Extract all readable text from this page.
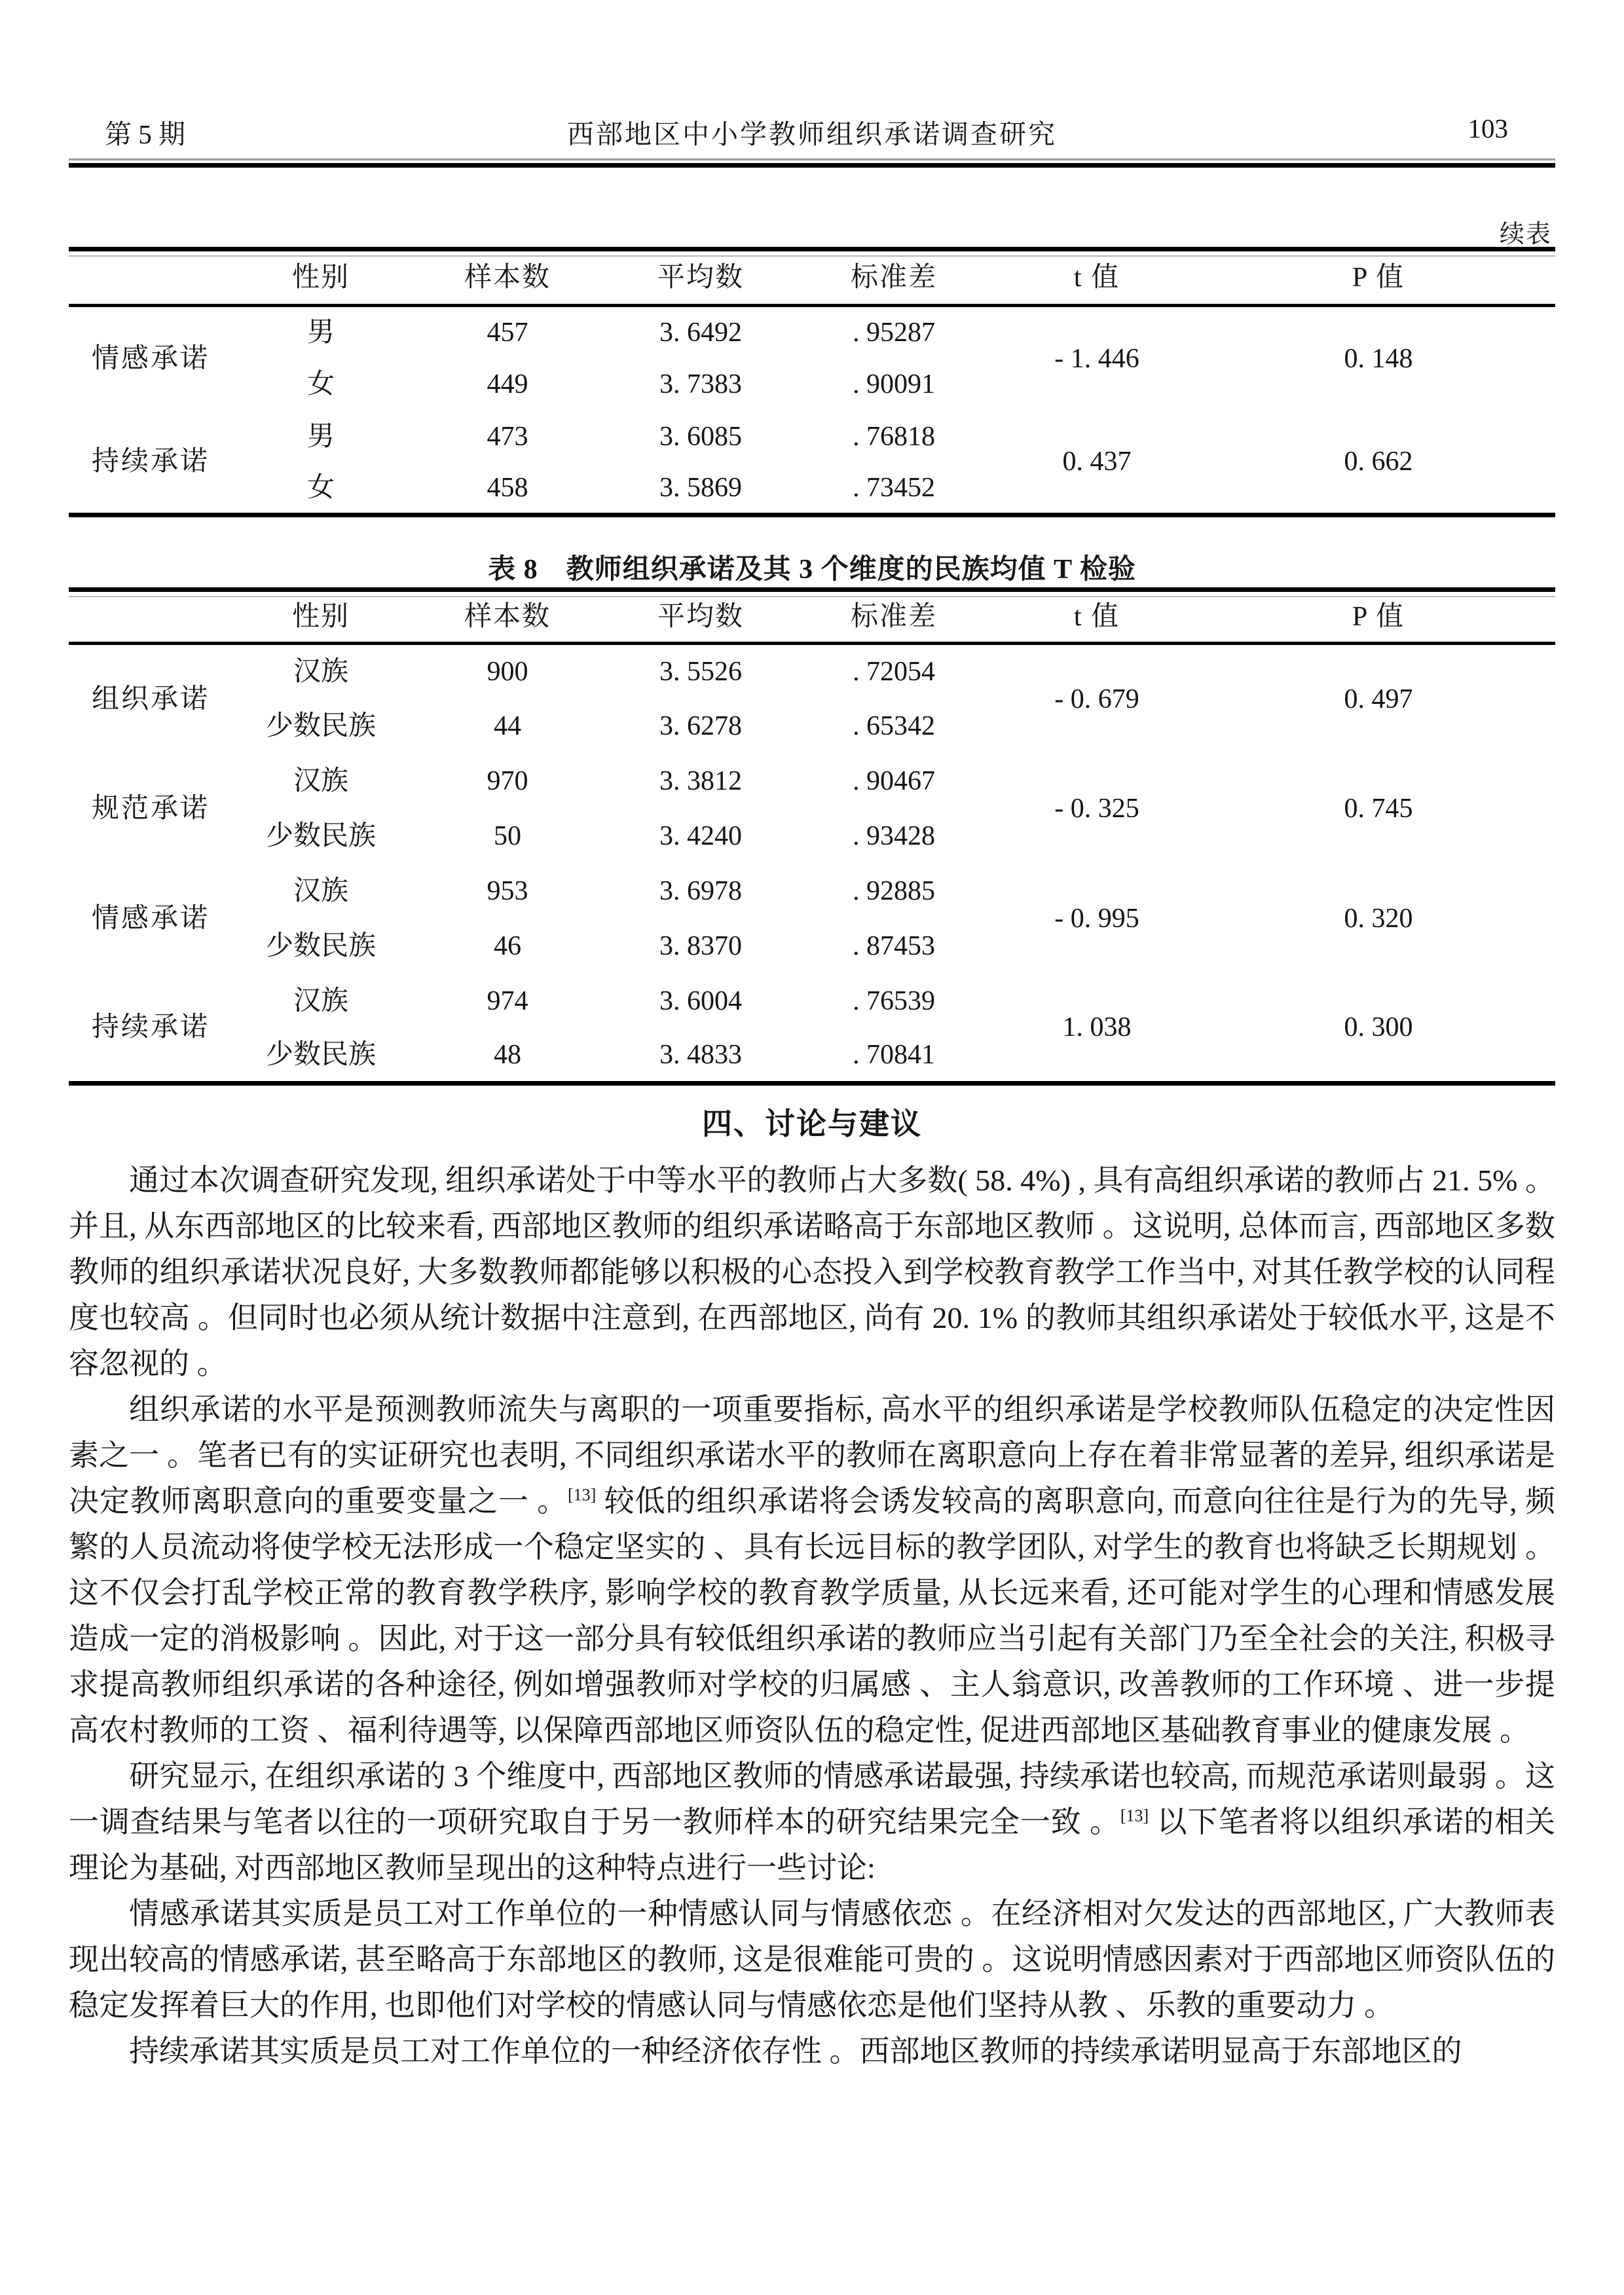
第 5 期	西部地区中小学教师组织承诺调查研究	103
续表
	性别	样本数	平均数	标准差	t 值	P 值
情感承诺	男	457	3. 6492	. 95287	- 1. 446	0. 148
	女	449	3. 7383	. 90091		
持续承诺	男	473	3. 6085	. 76818	0. 437	0. 662
	女	458	3. 5869	. 73452		
表 8　教师组织承诺及其 3 个维度的民族均值 T 检验
	性别	样本数	平均数	标准差	t 值	P 值
组织承诺	汉族	900	3. 5526	. 72054	- 0. 679	0. 497
	少数民族	44	3. 6278	. 65342		
规范承诺	汉族	970	3. 3812	. 90467	- 0. 325	0. 745
	少数民族	50	3. 4240	. 93428		
情感承诺	汉族	953	3. 6978	. 92885	- 0. 995	0. 320
	少数民族	46	3. 8370	. 87453		
持续承诺	汉族	974	3. 6004	. 76539	1. 038	0. 300
	少数民族	48	3. 4833	. 70841		
四、讨论与建议

通过本次调查研究发现, 组织承诺处于中等水平的教师占大多数( 58. 4%) , 具有高组织承诺的教师占 21. 5% 。并且, 从东西部地区的比较来看, 西部地区教师的组织承诺略高于东部地区教师 。这说明, 总体而言, 西部地区多数教师的组织承诺状况良好, 大多数教师都能够以积极的心态投入到学校教育教学工作当中, 对其任教学校的认同程度也较高 。但同时也必须从统计数据中注意到, 在西部地区, 尚有 20. 1% 的教师其组织承诺处于较低水平, 这是不容忽视的 。

组织承诺的水平是预测教师流失与离职的一项重要指标, 高水平的组织承诺是学校教师队伍稳定的决定性因素之一 。笔者已有的实证研究也表明, 不同组织承诺水平的教师在离职意向上存在着非常显著的差异, 组织承诺是决定教师离职意向的重要变量之一 。[13] 较低的组织承诺将会诱发较高的离职意向, 而意向往往是行为的先导, 频繁的人员流动将使学校无法形成一个稳定坚实的 、具有长远目标的教学团队, 对学生的教育也将缺乏长期规划 。这不仅会打乱学校正常的教育教学秩序, 影响学校的教育教学质量, 从长远来看, 还可能对学生的心理和情感发展造成一定的消极影响 。因此, 对于这一部分具有较低组织承诺的教师应当引起有关部门乃至全社会的关注, 积极寻求提高教师组织承诺的各种途径, 例如增强教师对学校的归属感 、主人翁意识, 改善教师的工作环境 、进一步提高农村教师的工资 、福利待遇等, 以保障西部地区师资队伍的稳定性, 促进西部地区基础教育事业的健康发展 。

研究显示, 在组织承诺的 3 个维度中, 西部地区教师的情感承诺最强, 持续承诺也较高, 而规范承诺则最弱 。这一调查结果与笔者以往的一项研究取自于另一教师样本的研究结果完全一致 。[13] 以下笔者将以组织承诺的相关理论为基础, 对西部地区教师呈现出的这种特点进行一些讨论:

情感承诺其实质是员工对工作单位的一种情感认同与情感依恋 。在经济相对欠发达的西部地区, 广大教师表现出较高的情感承诺, 甚至略高于东部地区的教师, 这是很难能可贵的 。这说明情感因素对于西部地区师资队伍的稳定发挥着巨大的作用, 也即他们对学校的情感认同与情感依恋是他们坚持从教 、乐教的重要动力 。

持续承诺其实质是员工对工作单位的一种经济依存性 。西部地区教师的持续承诺明显高于东部地区的
